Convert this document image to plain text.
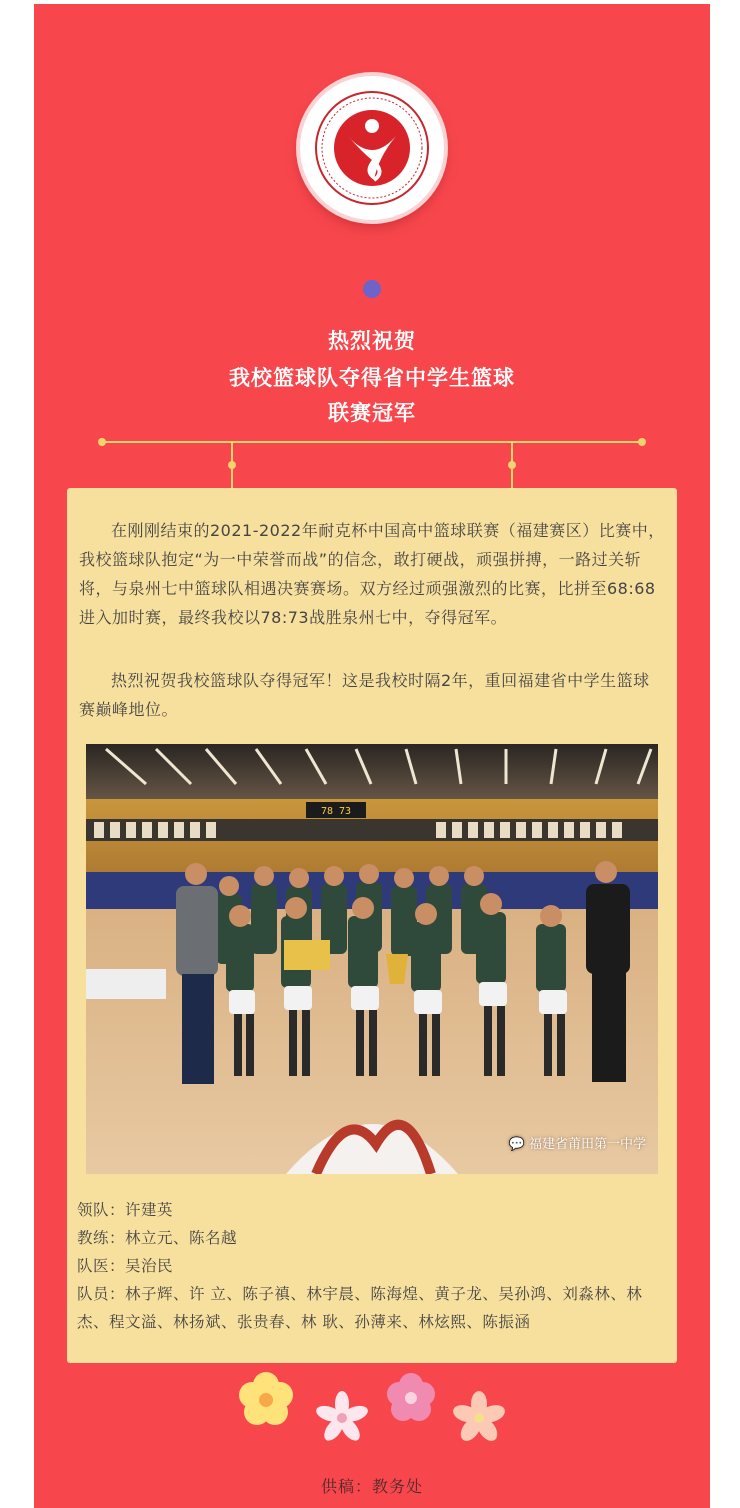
热烈祝贺
我校篮球队夺得省中学生篮球
联赛冠军

在刚刚结束的2021-2022年耐克杯中国高中篮球联赛（福建赛区）比赛中，我校篮球队抱定“为一中荣誉而战”的信念，敢打硬战，顽强拼搏，一路过关斩将，与泉州七中篮球队相遇决赛赛场。双方经过顽强激烈的比赛，比拼至68:68进入加时赛，最终我校以78:73战胜泉州七中，夺得冠军。

热烈祝贺我校篮球队夺得冠军！这是我校时隔2年，重回福建省中学生篮球赛巅峰地位。

78 73
💬 福建省莆田第一中学
领队：许建英
教练：林立元、陈名越
队医：吴治民
队员：林子辉、许 立、陈子禛、林宇晨、陈海煌、黄子龙、吴孙鸿、刘淼林、林 杰、程文溢、林扬斌、张贵春、林 耿、孙薄来、林炫熙、陈振涵
供稿：教务处
